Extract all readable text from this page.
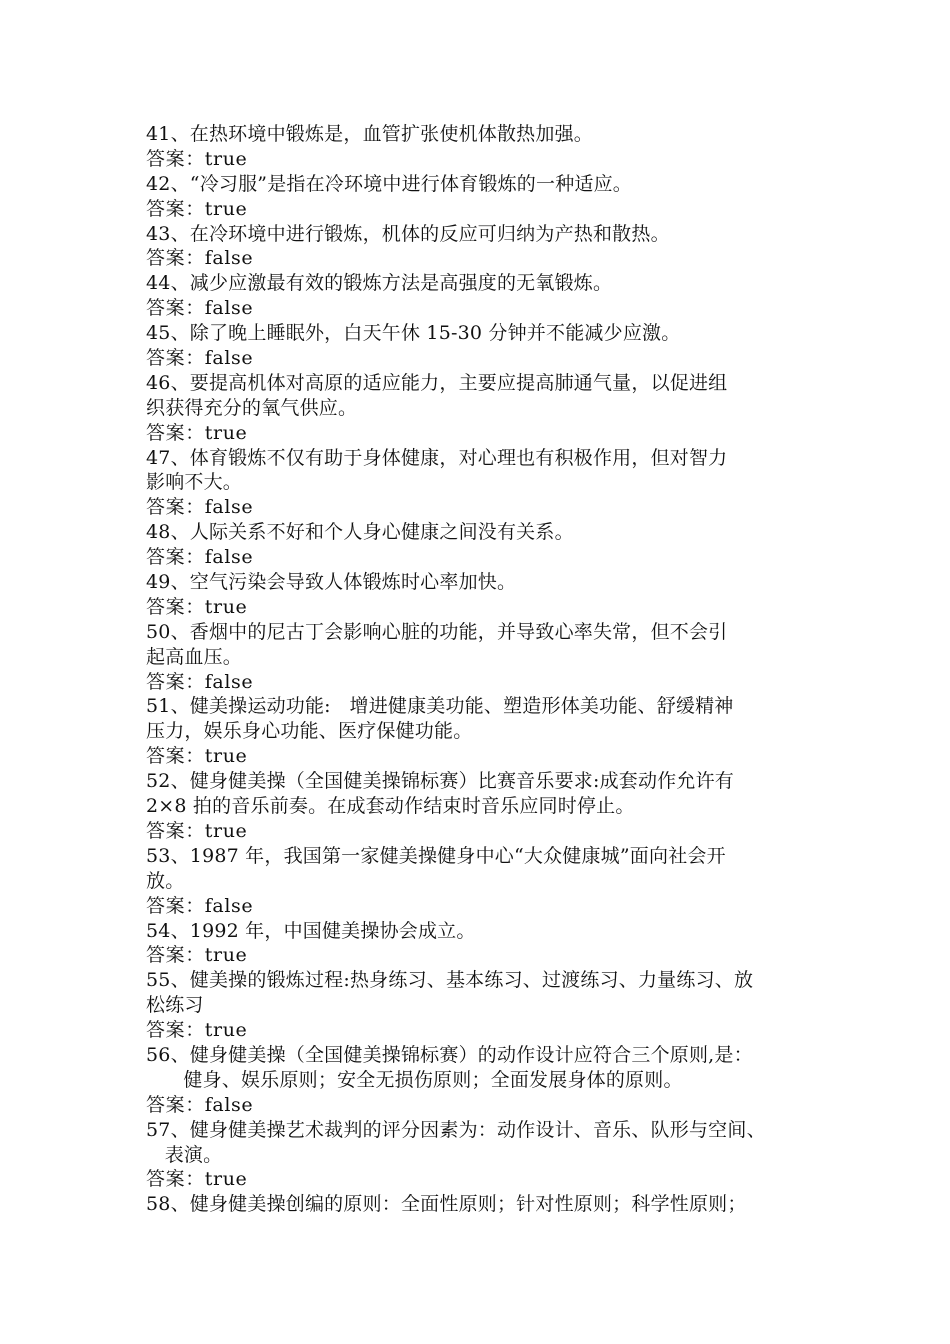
41、在热环境中锻炼是，血管扩张使机体散热加强。
答案：true
42、“冷习服”是指在冷环境中进行体育锻炼的一种适应。
答案：true
43、在冷环境中进行锻炼，机体的反应可归纳为产热和散热。
答案：false
44、减少应激最有效的锻炼方法是高强度的无氧锻炼。
答案：false
45、除了晚上睡眠外，白天午休 15-30 分钟并不能减少应激。
答案：false
46、要提高机体对高原的适应能力，主要应提高肺通气量，以促进组
织获得充分的氧气供应。
答案：true
47、体育锻炼不仅有助于身体健康，对心理也有积极作用，但对智力
影响不大。
答案：false
48、人际关系不好和个人身心健康之间没有关系。
答案：false
49、空气污染会导致人体锻炼时心率加快。
答案：true
50、香烟中的尼古丁会影响心脏的功能，并导致心率失常，但不会引
起高血压。
答案：false
51、健美操运动功能:   增进健康美功能、塑造形体美功能、舒缓精神
压力，娱乐身心功能、医疗保健功能。
答案：true
52、健身健美操（全国健美操锦标赛）比赛音乐要求:成套动作允许有
2×8 拍的音乐前奏。在成套动作结束时音乐应同时停止。
答案：true
53、1987 年，我国第一家健美操健身中心“大众健康城”面向社会开
放。
答案：false
54、1992 年，中国健美操协会成立。
答案：true
55、健美操的锻炼过程:热身练习、基本练习、过渡练习、力量练习、放
松练习
答案：true
56、健身健美操（全国健美操锦标赛）的动作设计应符合三个原则,是：
健身、娱乐原则；安全无损伤原则；全面发展身体的原则。
答案：false
57、健身健美操艺术裁判的评分因素为：动作设计、音乐、队形与空间、
表演。
答案：true
58、健身健美操创编的原则：全面性原则；针对性原则；科学性原则；
